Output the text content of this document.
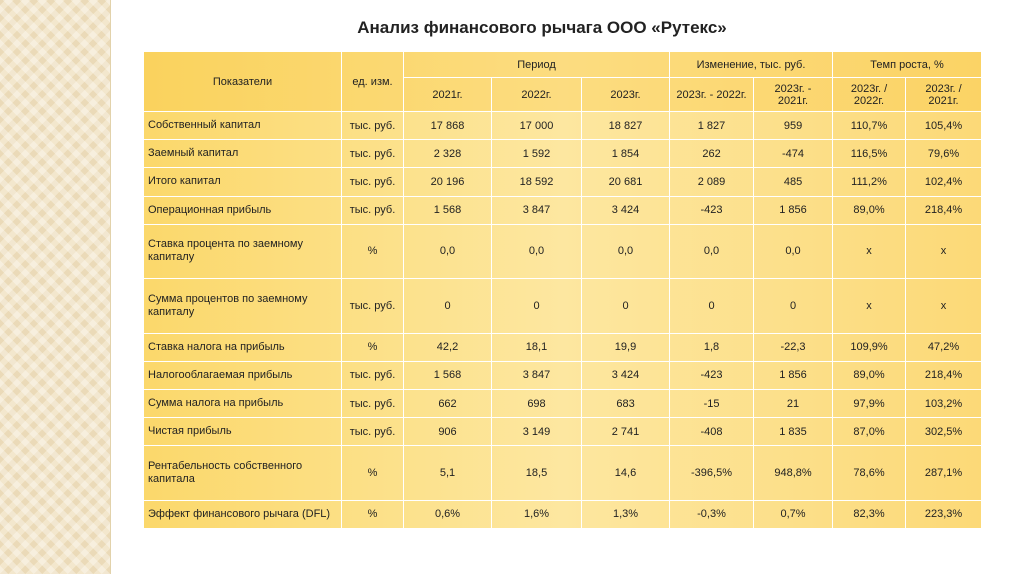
Анализ финансового рычага ООО «Рутекс»
Показатели	ед. изм.	Период			Изменение, тыс. руб.		Темп роста, %	
		2021г.	2022г.	2023г.	2023г. - 2022г.	2023г. - 2021г.	2023г. / 2022г.	2023г. / 2021г.
Собственный капитал	тыс. руб.	17 868	17 000	18 827	1 827	959	110,7%	105,4%
Заемный капитал	тыс. руб.	2 328	1 592	1 854	262	-474	116,5%	79,6%
Итого капитал	тыс. руб.	20 196	18 592	20 681	2 089	485	111,2%	102,4%
Операционная прибыль	тыс. руб.	1 568	3 847	3 424	-423	1 856	89,0%	218,4%
Ставка процента по заемному капиталу	%	0,0	0,0	0,0	0,0	0,0	х	х
Сумма процентов по заемному капиталу	тыс. руб.	0	0	0	0	0	х	х
Ставка налога на прибыль	%	42,2	18,1	19,9	1,8	-22,3	109,9%	47,2%
Налогооблагаемая прибыль	тыс. руб.	1 568	3 847	3 424	-423	1 856	89,0%	218,4%
Сумма налога на прибыль	тыс. руб.	662	698	683	-15	21	97,9%	103,2%
Чистая прибыль	тыс. руб.	906	3 149	2 741	-408	1 835	87,0%	302,5%
Рентабельность собственного капитала	%	5,1	18,5	14,6	-396,5%	948,8%	78,6%	287,1%
Эффект финансового рычага (DFL)	%	0,6%	1,6%	1,3%	-0,3%	0,7%	82,3%	223,3%
